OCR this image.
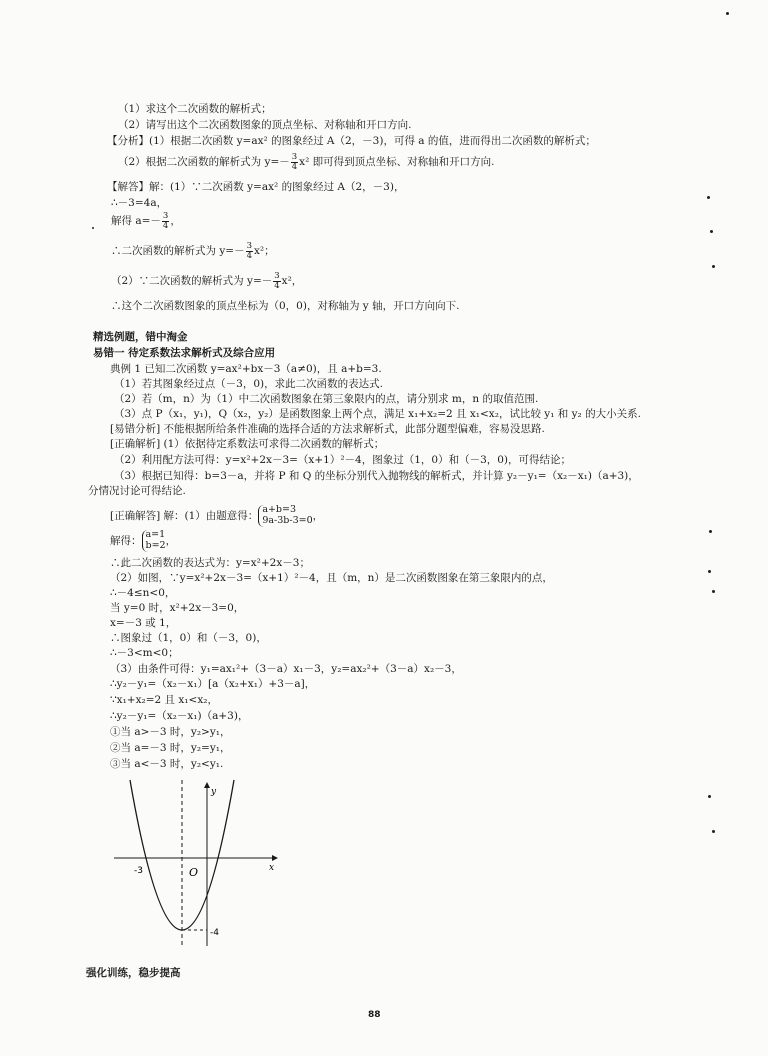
（1）求这个二次函数的解析式；
（2）请写出这个二次函数图象的顶点坐标、对称轴和开口方向.
【分析】(1）根据二次函数 y=ax² 的图象经过 A（2，－3)，可得 a 的值，进而得出二次函数的解析式；
（2）根据二次函数的解析式为 $y=- \frac{3}{4} x^2$ 即可得到顶点坐标、对称轴和开口方向.
【解答】解：(1）∵二次函数 y=ax² 的图象经过 A（2，－3)，
∴－3=4a，
解得 $a=- \frac{3}{4}$ ，
∴二次函数的解析式为 $y=- \frac{3}{4} x^2$；
（2）∵二次函数的解析式为 $y=- \frac{3}{4} x^2$，
∴这个二次函数图象的顶点坐标为（0，0)，对称轴为 y 轴，开口方向向下.
精选例题，错中淘金
易错一 待定系数法求解析式及综合应用
典例 1 已知二次函数 y=ax²+bx－3（a≠0)，且 a+b=3.
（1）若其图象经过点（－3，0)，求此二次函数的表达式.
（2）若（m，n）为（1）中二次函数图象在第三象限内的点，请分别求 m，n 的取值范围.
（3）点 P（x₁，y₁)，Q（x₂，y₂）是函数图象上两个点，满足 x₁+x₂=2 且 x₁<x₂，试比较 y₁ 和 y₂ 的大小关系.
[易错分析] 不能根据所给条件准确的选择合适的方法求解析式，此部分题型偏难，容易没思路.
[正确解析] (1）依据待定系数法可求得二次函数的解析式；
（2）利用配方法可得：y=x²+2x－3=（x+1）²－4，图象过（1，0）和（－3，0)，可得结论；
（3）根据已知得：b=3－a，并将 P 和 Q 的坐标分别代入抛物线的解析式，并计算 y₂－y₁=（x₂－x₁)（a+3)，
分情况讨论可得结论.
[正确解答] 解：(1）由题意得：
a+b=3
9a-3b-3=0 ，
解得：
a=1
b=2 ，
∴此二次函数的表达式为：y=x²+2x－3；
（2）如图，∵y=x²+2x－3=（x+1）²－4，且（m，n）是二次函数图象在第三象限内的点，
∴－4≤n<0，
当 y=0 时，x²+2x－3=0，
x=－3 或 1，
∴图象过（1，0）和（－3，0)，
∴－3<m<0；
（3）由条件可得：y₁=ax₁²+（3－a）x₁－3，y₂=ax₂²+（3－a）x₂－3，
∴y₂－y₁=（x₂－x₁）[a（x₂+x₁）+3－a]，
∵x₁+x₂=2 且 x₁<x₂，
∴y₂－y₁=（x₂－x₁)（a+3)，
①当 a>－3 时，y₂>y₁，
②当 a=－3 时，y₂=y₁，
③当 a<－3 时，y₂<y₁.
y
x
O
-3
-4
强化训练，稳步提高
88
